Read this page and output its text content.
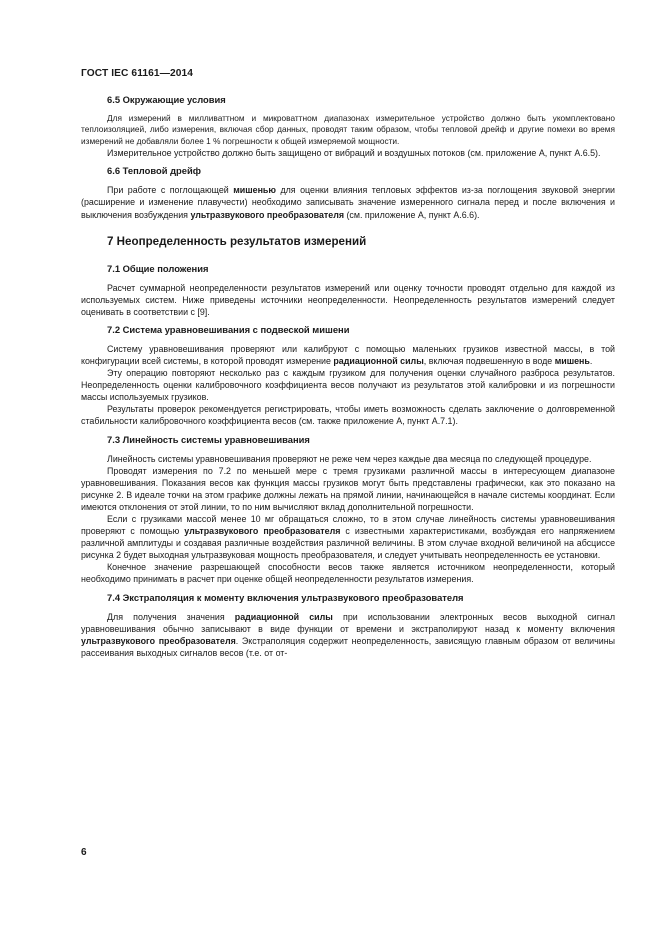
ГОСТ IEC 61161—2014
6.5 Окружающие условия

Для измерений в милливаттном и микроваттном диапазонах измерительное устройство должно быть укомплектовано теплоизоляцией, либо измерения, включая сбор данных, проводят таким образом, чтобы тепловой дрейф и другие помехи во время измерений не добавляли более 1 % погрешности к общей измеряемой мощности.

Измерительное устройство должно быть защищено от вибраций и воздушных потоков (см. приложение А, пункт А.6.5).

6.6 Тепловой дрейф

При работе с поглощающей мишенью для оценки влияния тепловых эффектов из-за поглощения звуковой энергии (расширение и изменение плавучести) необходимо записывать значение измеренного сигнала перед и после включения и выключения возбуждения ультразвукового преобразователя (см. приложение А, пункт А.6.6).

7 Неопределенность результатов измерений
7.1 Общие положения

Расчет суммарной неопределенности результатов измерений или оценку точности проводят отдельно для каждой из используемых систем. Ниже приведены источники неопределенности. Неопределенность результатов измерений следует оценивать в соответствии с [9].

7.2 Система уравновешивания с подвеской мишени

Систему уравновешивания проверяют или калибруют с помощью маленьких грузиков известной массы, в той конфигурации всей системы, в которой проводят измерение радиационной силы, включая подвешенную в воде мишень.

Эту операцию повторяют несколько раз с каждым грузиком для получения оценки случайного разброса результатов. Неопределенность оценки калибровочного коэффициента весов получают из результатов этой калибровки и из погрешности массы используемых грузиков.

Результаты проверок рекомендуется регистрировать, чтобы иметь возможность сделать заключение о долговременной стабильности калибровочного коэффициента весов (см. также приложение А, пункт А.7.1).

7.3 Линейность системы уравновешивания

Линейность системы уравновешивания проверяют не реже чем через каждые два месяца по следующей процедуре.

Проводят измерения по 7.2 по меньшей мере с тремя грузиками различной массы в интересующем диапазоне уравновешивания. Показания весов как функция массы грузиков могут быть представлены графически, как это показано на рисунке 2. В идеале точки на этом графике должны лежать на прямой линии, начинающейся в начале системы координат. Если имеются отклонения от этой линии, то по ним вычисляют вклад дополнительной погрешности.

Если с грузиками массой менее 10 мг обращаться сложно, то в этом случае линейность системы уравновешивания проверяют с помощью ультразвукового преобразователя с известными характеристиками, возбуждая его напряжением различной амплитуды и создавая различные воздействия различной величины. В этом случае входной величиной на абсциссе рисунка 2 будет выходная ультразвуковая мощность преобразователя, и следует учитывать неопределенность ее установки.

Конечное значение разрешающей способности весов также является источником неопределенности, который необходимо принимать в расчет при оценке общей неопределенности результатов измерения.

7.4 Экстраполяция к моменту включения ультразвукового преобразователя

Для получения значения радиационной силы при использовании электронных весов выходной сигнал уравновешивания обычно записывают в виде функции от времени и экстраполируют назад к моменту включения ультразвукового преобразователя. Экстраполяция содержит неопределенность, зависящую главным образом от величины рассеивания выходных сигналов весов (т.е. от от-

6
